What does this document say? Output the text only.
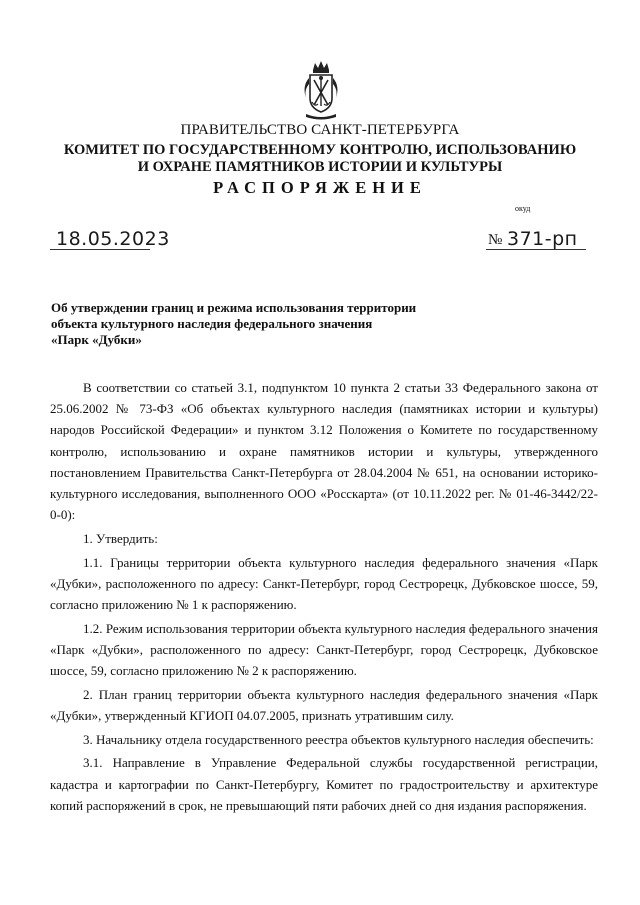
ПРАВИТЕЛЬСТВО САНКТ-ПЕТЕРБУРГА
КОМИТЕТ ПО ГОСУДАРСТВЕННОМУ КОНТРОЛЮ, ИСПОЛЬЗОВАНИЮ
И ОХРАНЕ ПАМЯТНИКОВ ИСТОРИИ И КУЛЬТУРЫ
РАСПОРЯЖЕНИЕ
окуд
18.05.2023	№ 371-рп
Об утверждении границ и режима использования территории
объекта культурного наследия федерального значения
«Парк «Дубки»

В соответствии со статьей 3.1, подпунктом 10 пункта 2 статьи 33 Федерального закона от 25.06.2002 № 73-ФЗ «Об объектах культурного наследия (памятниках истории и культуры) народов Российской Федерации» и пунктом 3.12 Положения о Комитете по государственному контролю, использованию и охране памятников истории и культуры, утвержденного постановлением Правительства Санкт-Петербурга от 28.04.2004 № 651, на основании историко-культурного исследования, выполненного ООО «Росскарта» (от 10.11.2022 рег. № 01-46-3442/22-0-0):

1. Утвердить:

1.1. Границы территории объекта культурного наследия федерального значения «Парк «Дубки», расположенного по адресу: Санкт-Петербург, город Сестрорецк, Дубковское шоссе, 59, согласно приложению № 1 к распоряжению.

1.2. Режим использования территории объекта культурного наследия федерального значения «Парк «Дубки», расположенного по адресу: Санкт-Петербург, город Сестрорецк, Дубковское шоссе, 59, согласно приложению № 2 к распоряжению.

2. План границ территории объекта культурного наследия федерального значения «Парк «Дубки», утвержденный КГИОП 04.07.2005, признать утратившим силу.

3. Начальнику отдела государственного реестра объектов культурного наследия обеспечить:

3.1. Направление в Управление Федеральной службы государственной регистрации, кадастра и картографии по Санкт-Петербургу, Комитет по градостроительству и архитектуре копий распоряжений в срок, не превышающий пяти рабочих дней со дня издания распоряжения.
